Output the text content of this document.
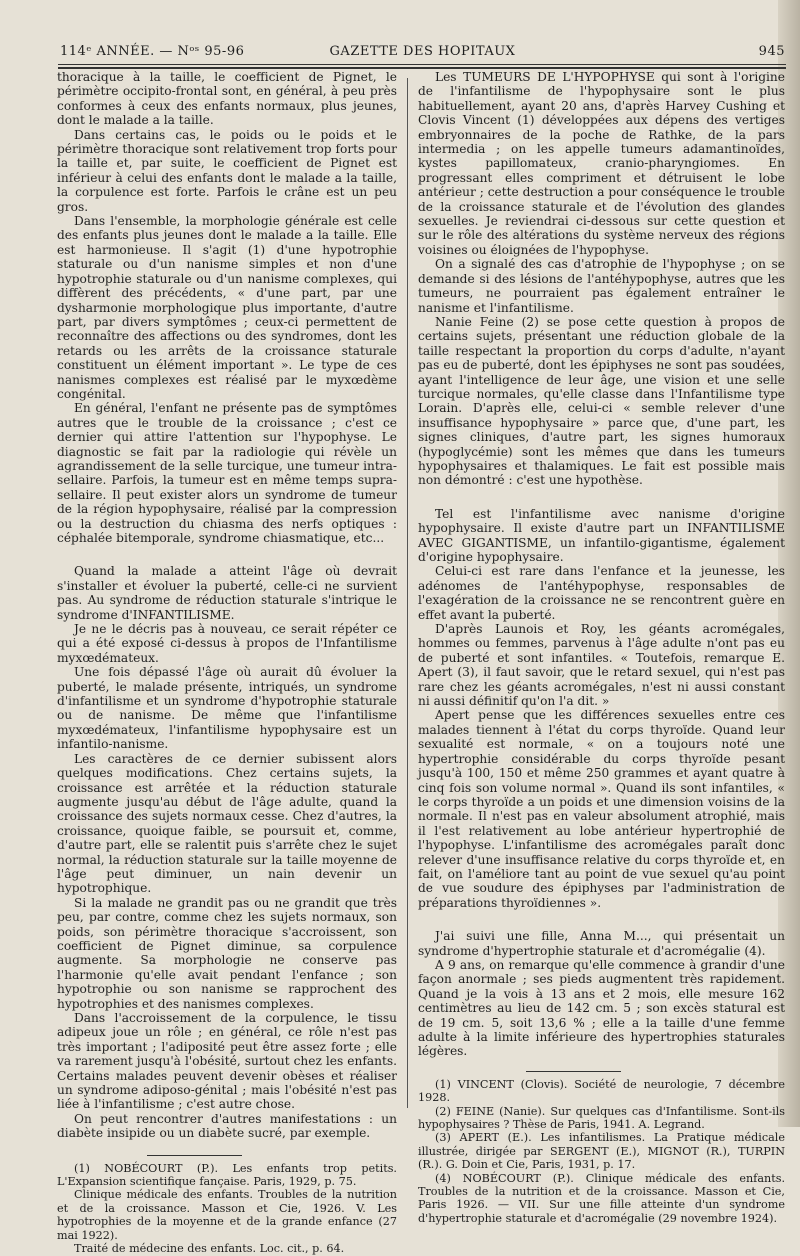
114ᵉ ANNÉE. — Nᵒˢ 95-96	GAZETTE DES HOPITAUX	945

thoracique à la taille, le coefficient de Pignet, le périmètre occipito-frontal sont, en général, à peu près conformes à ceux des enfants normaux, plus jeunes, dont le malade a la taille.

Dans certains cas, le poids ou le poids et le périmètre thoracique sont relativement trop forts pour la taille et, par suite, le coefficient de Pignet est inférieur à celui des enfants dont le malade a la taille, la corpulence est forte. Parfois le crâne est un peu gros.

Dans l'ensemble, la morphologie générale est celle des enfants plus jeunes dont le malade a la taille. Elle est harmonieuse. Il s'agit (1) d'une hypotrophie staturale ou d'un nanisme simples et non d'une hypotrophie staturale ou d'un nanisme complexes, qui diffèrent des précédents, « d'une part, par une dysharmonie morphologique plus importante, d'autre part, par divers symptômes ; ceux-ci permettent de reconnaître des affections ou des syndromes, dont les retards ou les arrêts de la croissance staturale constituent un élément important ». Le type de ces nanismes complexes est réalisé par le myxœdème congénital.

En général, l'enfant ne présente pas de symptômes autres que le trouble de la croissance ; c'est ce dernier qui attire l'attention sur l'hypophyse. Le diagnostic se fait par la radiologie qui révèle un agrandissement de la selle turcique, une tumeur intra-sellaire. Parfois, la tumeur est en même temps supra-sellaire. Il peut exister alors un syndrome de tumeur de la région hypophysaire, réalisé par la compression ou la destruction du chiasma des nerfs optiques : céphalée bitemporale, syndrome chiasmatique, etc...

Quand la malade a atteint l'âge où devrait s'installer et évoluer la puberté, celle-ci ne survient pas. Au syndrome de réduction staturale s'intrique le syndrome d'INFANTILISME.

Je ne le décris pas à nouveau, ce serait répéter ce qui a été exposé ci-dessus à propos de l'Infantilisme myxœdémateux.

Une fois dépassé l'âge où aurait dû évoluer la puberté, le malade présente, intriqués, un syndrome d'infantilisme et un syndrome d'hypotrophie staturale ou de nanisme. De même que l'infantilisme myxœdémateux, l'infantilisme hypophysaire est un infantilo-nanisme.

Les caractères de ce dernier subissent alors quelques modifications. Chez certains sujets, la croissance est arrêtée et la réduction staturale augmente jusqu'au début de l'âge adulte, quand la croissance des sujets normaux cesse. Chez d'autres, la croissance, quoique faible, se poursuit et, comme, d'autre part, elle se ralentit puis s'arrête chez le sujet normal, la réduction staturale sur la taille moyenne de l'âge peut diminuer, un nain devenir un hypotrophique.

Si la malade ne grandit pas ou ne grandit que très peu, par contre, comme chez les sujets normaux, son poids, son périmètre thoracique s'accroissent, son coefficient de Pignet diminue, sa corpulence augmente. Sa morphologie ne conserve pas l'harmonie qu'elle avait pendant l'enfance ; son hypotrophie ou son nanisme se rapprochent des hypotrophies et des nanismes complexes.

Dans l'accroissement de la corpulence, le tissu adipeux joue un rôle ; en général, ce rôle n'est pas très important ; l'adiposité peut être assez forte ; elle va rarement jusqu'à l'obésité, surtout chez les enfants. Certains malades peuvent devenir obèses et réaliser un syndrome adiposo-génital ; mais l'obésité n'est pas liée à l'infantilisme ; c'est autre chose.

On peut rencontrer d'autres manifestations : un diabète insipide ou un diabète sucré, par exemple.

(1) NOBÉCOURT (P.). Les enfants trop petits. L'Expansion scientifique fançaise. Paris, 1929, p. 75.

Clinique médicale des enfants. Troubles de la nutrition et de la croissance. Masson et Cie, 1926. V. Les hypotrophies de la moyenne et de la grande enfance (27 mai 1922).

Traité de médecine des enfants. Loc. cit., p. 64.

Les TUMEURS DE L'HYPOPHYSE qui sont à l'origine de l'infantilisme de l'hypophysaire sont le plus habituellement, ayant 20 ans, d'après Harvey Cushing et Clovis Vincent (1) développées aux dépens des vertiges embryonnaires de la poche de Rathke, de la pars intermedia ; on les appelle tumeurs adamantinoïdes, kystes papillomateux, cranio-pharyngiomes. En progressant elles compriment et détruisent le lobe antérieur ; cette destruction a pour conséquence le trouble de la croissance staturale et de l'évolution des glandes sexuelles. Je reviendrai ci-dessous sur cette question et sur le rôle des altérations du système nerveux des régions voisines ou éloignées de l'hypophyse.

On a signalé des cas d'atrophie de l'hypophyse ; on se demande si des lésions de l'antéhypophyse, autres que les tumeurs, ne pourraient pas également entraîner le nanisme et l'infantilisme.

Nanie Feine (2) se pose cette question à propos de certains sujets, présentant une réduction globale de la taille respectant la proportion du corps d'adulte, n'ayant pas eu de puberté, dont les épiphyses ne sont pas soudées, ayant l'intelligence de leur âge, une vision et une selle turcique normales, qu'elle classe dans l'Infantilisme type Lorain. D'après elle, celui-ci « semble relever d'une insuffisance hypophysaire » parce que, d'une part, les signes cliniques, d'autre part, les signes humoraux (hypoglycémie) sont les mêmes que dans les tumeurs hypophysaires et thalamiques. Le fait est possible mais non démontré : c'est une hypothèse.

Tel est l'infantilisme avec nanisme d'origine hypophysaire. Il existe d'autre part un INFANTILISME AVEC GIGANTISME, un infantilo-gigantisme, également d'origine hypophysaire.

Celui-ci est rare dans l'enfance et la jeunesse, les adénomes de l'antéhypophyse, responsables de l'exagération de la croissance ne se rencontrent guère en effet avant la puberté.

D'après Launois et Roy, les géants acromégales, hommes ou femmes, parvenus à l'âge adulte n'ont pas eu de puberté et sont infantiles. « Toutefois, remarque E. Apert (3), il faut savoir, que le retard sexuel, qui n'est pas rare chez les géants acromégales, n'est ni aussi constant ni aussi définitif qu'on l'a dit. »

Apert pense que les différences sexuelles entre ces malades tiennent à l'état du corps thyroïde. Quand leur sexualité est normale, « on a toujours noté une hypertrophie considérable du corps thyroïde pesant jusqu'à 100, 150 et même 250 grammes et ayant quatre à cinq fois son volume normal ». Quand ils sont infantiles, « le corps thyroïde a un poids et une dimension voisins de la normale. Il n'est pas en valeur absolument atrophié, mais il l'est relativement au lobe antérieur hypertrophié de l'hypophyse. L'infantilisme des acromégales paraît donc relever d'une insuffisance relative du corps thyroïde et, en fait, on l'améliore tant au point de vue sexuel qu'au point de vue soudure des épiphyses par l'administration de préparations thyroïdiennes ».

J'ai suivi une fille, Anna M..., qui présentait un syndrome d'hypertrophie staturale et d'acromégalie (4).

A 9 ans, on remarque qu'elle commence à grandir d'une façon anormale ; ses pieds augmentent très rapidement. Quand je la vois à 13 ans et 2 mois, elle mesure 162 centimètres au lieu de 142 cm. 5 ; son excès statural est de 19 cm. 5, soit 13,6 % ; elle a la taille d'une femme adulte à la limite inférieure des hypertrophies staturales légères.

(1) VINCENT (Clovis). Société de neurologie, 7 décembre 1928.

(2) FEINE (Nanie). Sur quelques cas d'Infantilisme. Sont-ils hypophysaires ? Thèse de Paris, 1941. A. Legrand.

(3) APERT (E.). Les infantilismes. La Pratique médicale illustrée, dirigée par SERGENT (E.), MIGNOT (R.), TURPIN (R.). G. Doin et Cie, Paris, 1931, p. 17.

(4) NOBÉCOURT (P.). Clinique médicale des enfants. Troubles de la nutrition et de la croissance. Masson et Cie, Paris 1926. — VII. Sur une fille atteinte d'un syndrome d'hypertrophie staturale et d'acromégalie (29 novembre 1924).
